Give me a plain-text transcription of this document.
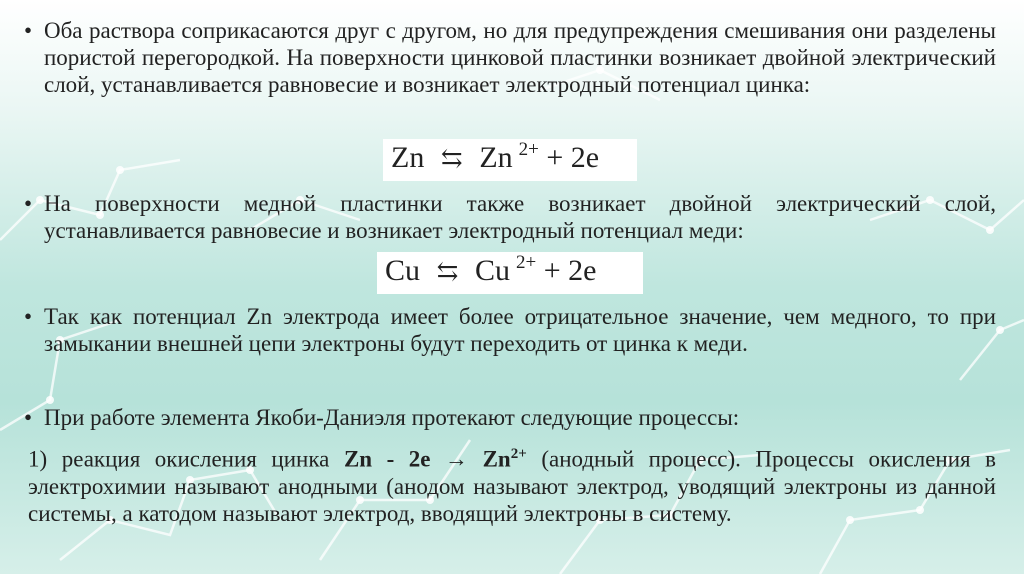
• Оба раствора соприкасаются друг с другом, но для предупреждения смешивания они разделены пористой перегородкой. На поверхности цинковой пластинки возникает двойной электрический слой, устанавливается равновесие и возникает электродный потенциал цинка:
Zn ⇆ Zn $^{2+}$ + 2e
• На поверхности медной пластинки также возникает двойной электрический слой, устанавливается равновесие и возникает электродный потенциал меди:
Cu ⇆ Cu $^{2+}$ + 2e
• Так как потенциал Zn электрода имеет более отрицательное значение, чем медного, то при замыкании внешней цепи электроны будут переходить от цинка к меди.
• При работе элемента Якоби-Даниэля протекают следующие процессы:
1) реакция окисления цинка $Zn - 2e \to Zn^{2+}$ (анодный процесс). Процессы окисления в электрохимии называют анодными (анодом называют электрод, уводящий электроны из данной системы, а катодом называют электрод, вводящий электроны в систему.
